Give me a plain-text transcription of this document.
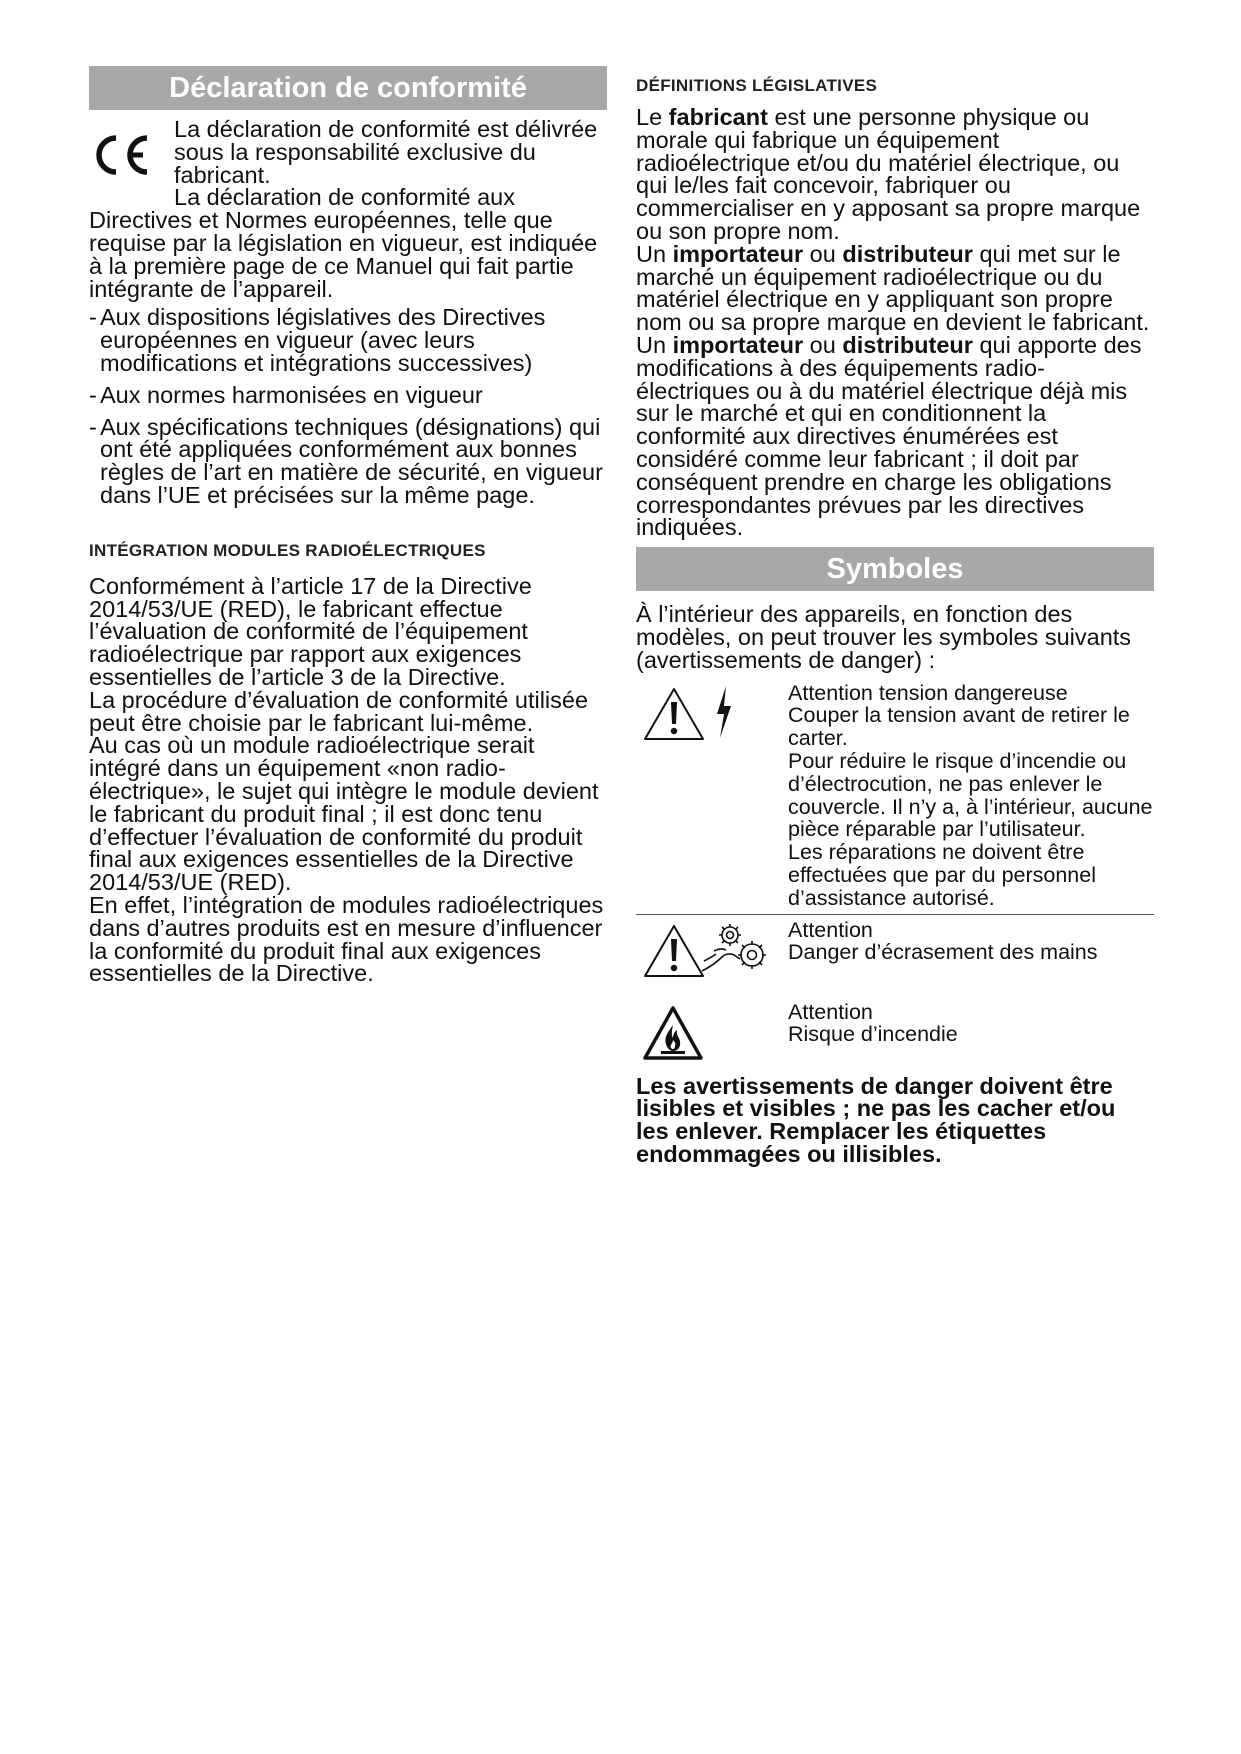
Déclaration de conformité

La déclaration de conformité est délivrée sous la responsabilité exclusive du fabricant.

La déclaration de conformité aux Directives et Normes européennes, telle que requise par la législation en vigueur, est indiquée à la première page de ce Manuel qui fait partie intégrante de l’appareil.

- Aux dispositions législatives des Directives européennes en vigueur (avec leurs modifications et intégrations successives)
- Aux normes harmonisées en vigueur
- Aux spécifications techniques (désignations) qui ont été appliquées conformément aux bonnes règles de l’art en matière de sécurité, en vigueur dans l’UE et précisées sur la même page.

INTÉGRATION MODULES RADIOÉLECTRIQUES

Conformément à l’article 17 de la Directive 2014/53/UE (RED), le fabricant effectue l’évaluation de conformité de l’équipement radioélectrique par rapport aux exigences essentielles de l’article 3 de la Directive.

La procédure d’évaluation de conformité utilisée peut être choisie par le fabricant lui-même.

Au cas où un module radioélectrique serait intégré dans un équipement «non radio- électrique», le sujet qui intègre le module devient le fabricant du produit final ; il est donc tenu d’effectuer l’évaluation de conformité du produit final aux exigences essentielles de la Directive 2014/53/UE (RED).

En effet, l’intégration de modules radioélectriques dans d’autres produits est en mesure d’influencer la conformité du produit final aux exigences essentielles de la Directive.

DÉFINITIONS LÉGISLATIVES

Le fabricant est une personne physique ou morale qui fabrique un équipement radioélectrique et/ou du matériel électrique, ou qui le/les fait concevoir, fabriquer ou commercialiser en y apposant sa propre marque ou son propre nom.

Un importateur ou distributeur qui met sur le marché un équipement radioélectrique ou du matériel électrique en y appliquant son propre nom ou sa propre marque en devient le fabricant.

Un importateur ou distributeur qui apporte des modifications à des équipements radio-électriques ou à du matériel électrique déjà mis sur le marché et qui en conditionnent la conformité aux directives énumérées est considéré comme leur fabricant ; il doit par conséquent prendre en charge les obligations correspondantes prévues par les directives indiquées.

Symboles

À l’intérieur des appareils, en fonction des modèles, on peut trouver les symboles suivants (avertissements de danger) :

Attention tension dangereuse
Couper la tension avant de retirer le carter.
Pour réduire le risque d’incendie ou d’électrocution, ne pas enlever le couvercle. Il n’y a, à l’intérieur, aucune pièce réparable par l’utilisateur.
Les réparations ne doivent être effectuées que par du personnel d’assistance autorisé.
Attention
Danger d’écrasement des mains
Attention
Risque d’incendie

Les avertissements de danger doivent être lisibles et visibles ; ne pas les cacher et/ou les enlever. Remplacer les étiquettes endommagées ou illisibles.
